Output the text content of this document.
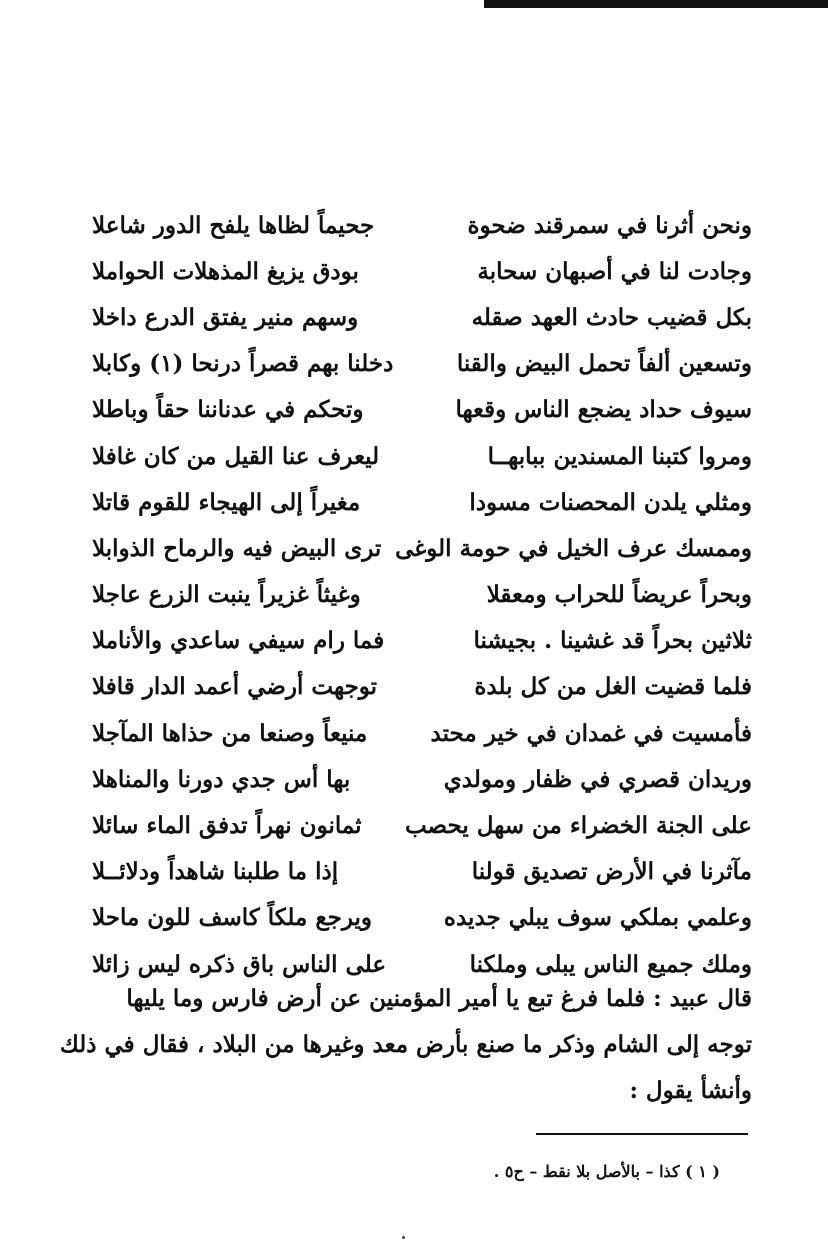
ونحن أثرنا في سمرقند ضحوة
جحيماً لظاها يلفح الدور شاعلا
وجادت لنا في أصبهان سحابة
بودق يزيغ المذهلات الحواملا
بكل قضيب حادث العهد صقله
وسهم منير يفتق الدرع داخلا
وتسعين ألفاً تحمل البيض والقنا
دخلنا بهم قصراً درنحا (١) وكابلا
سيوف حداد يضجع الناس وقعها
وتحكم في عدناننا حقاً وباطلا
ومروا كتبنا المسندين ببابهــا
ليعرف عنا القيل من كان غافلا
ومثلي يلدن المحصنات مسودا
مغيراً إلى الهيجاء للقوم قاتلا
وممسك عرف الخيل في حومة الوغى
ترى البيض فيه والرماح الذوابلا
وبحراً عريضاً للحراب ومعقلا
وغيثاً غزيراً ينبت الزرع عاجلا
ثلاثين بحراً قد غشينا . بجيشنا
فما رام سيفي ساعدي والأناملا
فلما قضيت الغل من كل بلدة
توجهت أرضي أعمد الدار قافلا
فأمسيت في غمدان في خير محتد
منيعاً وصنعا من حذاها المآجلا
وريدان قصري في ظفار ومولدي
بها أس جدي دورنا والمناهلا
على الجنة الخضراء من سهل يحصب
ثمانون نهراً تدفق الماء سائلا
مآثرنا في الأرض تصديق قولنا
إذا ما طلبنا شاهداً ودلائــلا
وعلمي بملكي سوف يبلي جديده
ويرجع ملكاً كاسف للون ماحلا
وملك جميع الناس يبلى وملكنا
على الناس باق ذكره ليس زائلا
قال عبيد : فلما فرغ تبع يا أمير المؤمنين عن أرض فارس وما يليها
توجه إلى الشام وذكر ما صنع بأرض معد وغيرها من البلاد ، فقال في ذلك
وأنشأ يقول :
( ١ ) كذا – بالأصل بلا نقط – ح٥ .
